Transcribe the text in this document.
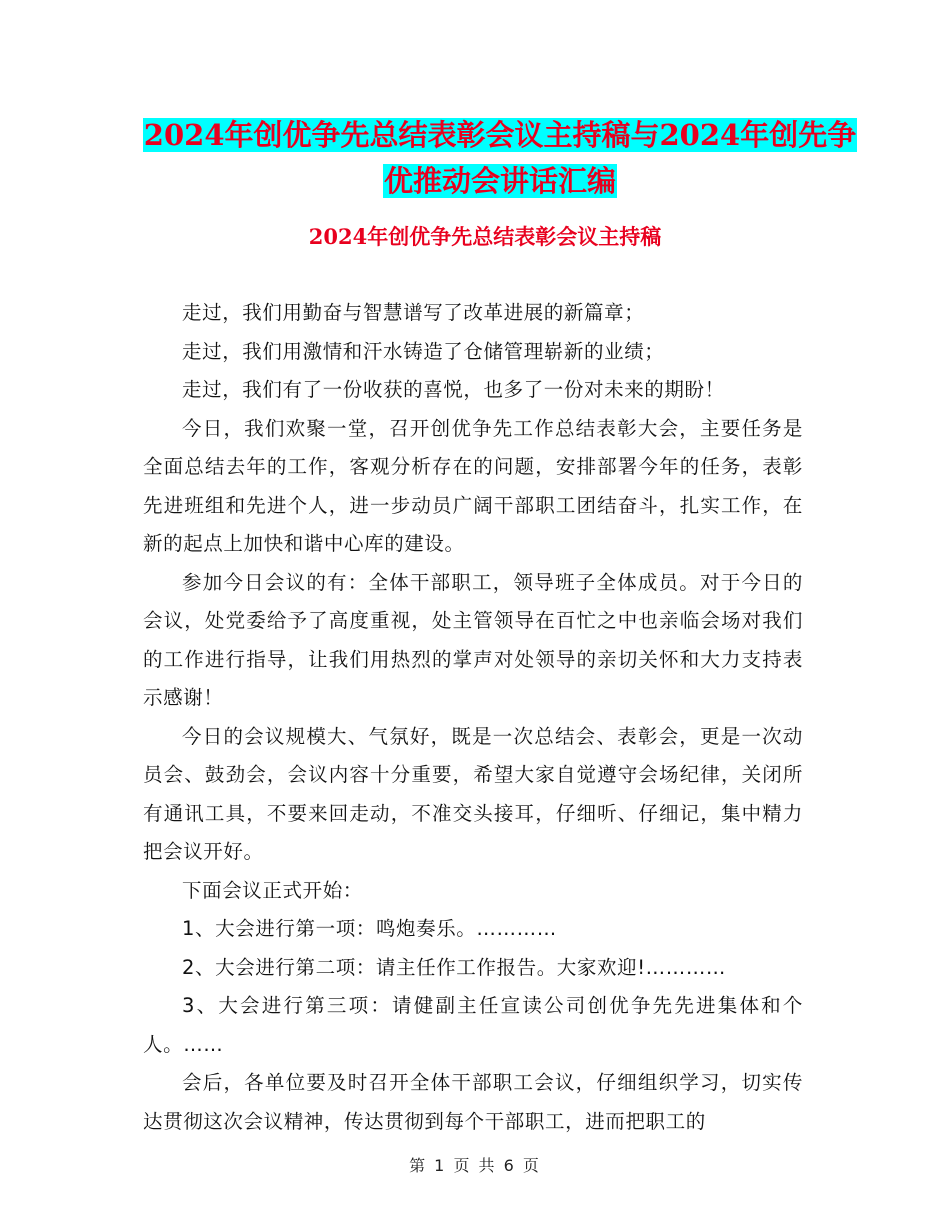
2024年创优争先总结表彰会议主持稿与2024年创先争
优推动会讲话汇编
2024年创优争先总结表彰会议主持稿

走过，我们用勤奋与智慧谱写了改革进展的新篇章；

走过，我们用激情和汗水铸造了仓储管理崭新的业绩；

走过，我们有了一份收获的喜悦，也多了一份对未来的期盼！

今日，我们欢聚一堂，召开创优争先工作总结表彰大会，主要任务是全面总结去年的工作，客观分析存在的问题，安排部署今年的任务，表彰先进班组和先进个人，进一步动员广阔干部职工团结奋斗，扎实工作，在新的起点上加快和谐中心库的建设。

参加今日会议的有：全体干部职工，领导班子全体成员。对于今日的会议，处党委给予了高度重视，处主管领导在百忙之中也亲临会场对我们的工作进行指导，让我们用热烈的掌声对处领导的亲切关怀和大力支持表示感谢！

今日的会议规模大、气氛好，既是一次总结会、表彰会，更是一次动员会、鼓劲会，会议内容十分重要，希望大家自觉遵守会场纪律，关闭所有通讯工具，不要来回走动，不准交头接耳，仔细听、仔细记，集中精力把会议开好。

下面会议正式开始：

1、大会进行第一项：鸣炮奏乐。…………

2、大会进行第二项：请主任作工作报告。大家欢迎!…………

3、大会进行第三项：请健副主任宣读公司创优争先先进集体和个人。……

会后，各单位要及时召开全体干部职工会议，仔细组织学习，切实传达贯彻这次会议精神，传达贯彻到每个干部职工，进而把职工的

第 1 页 共 6 页
